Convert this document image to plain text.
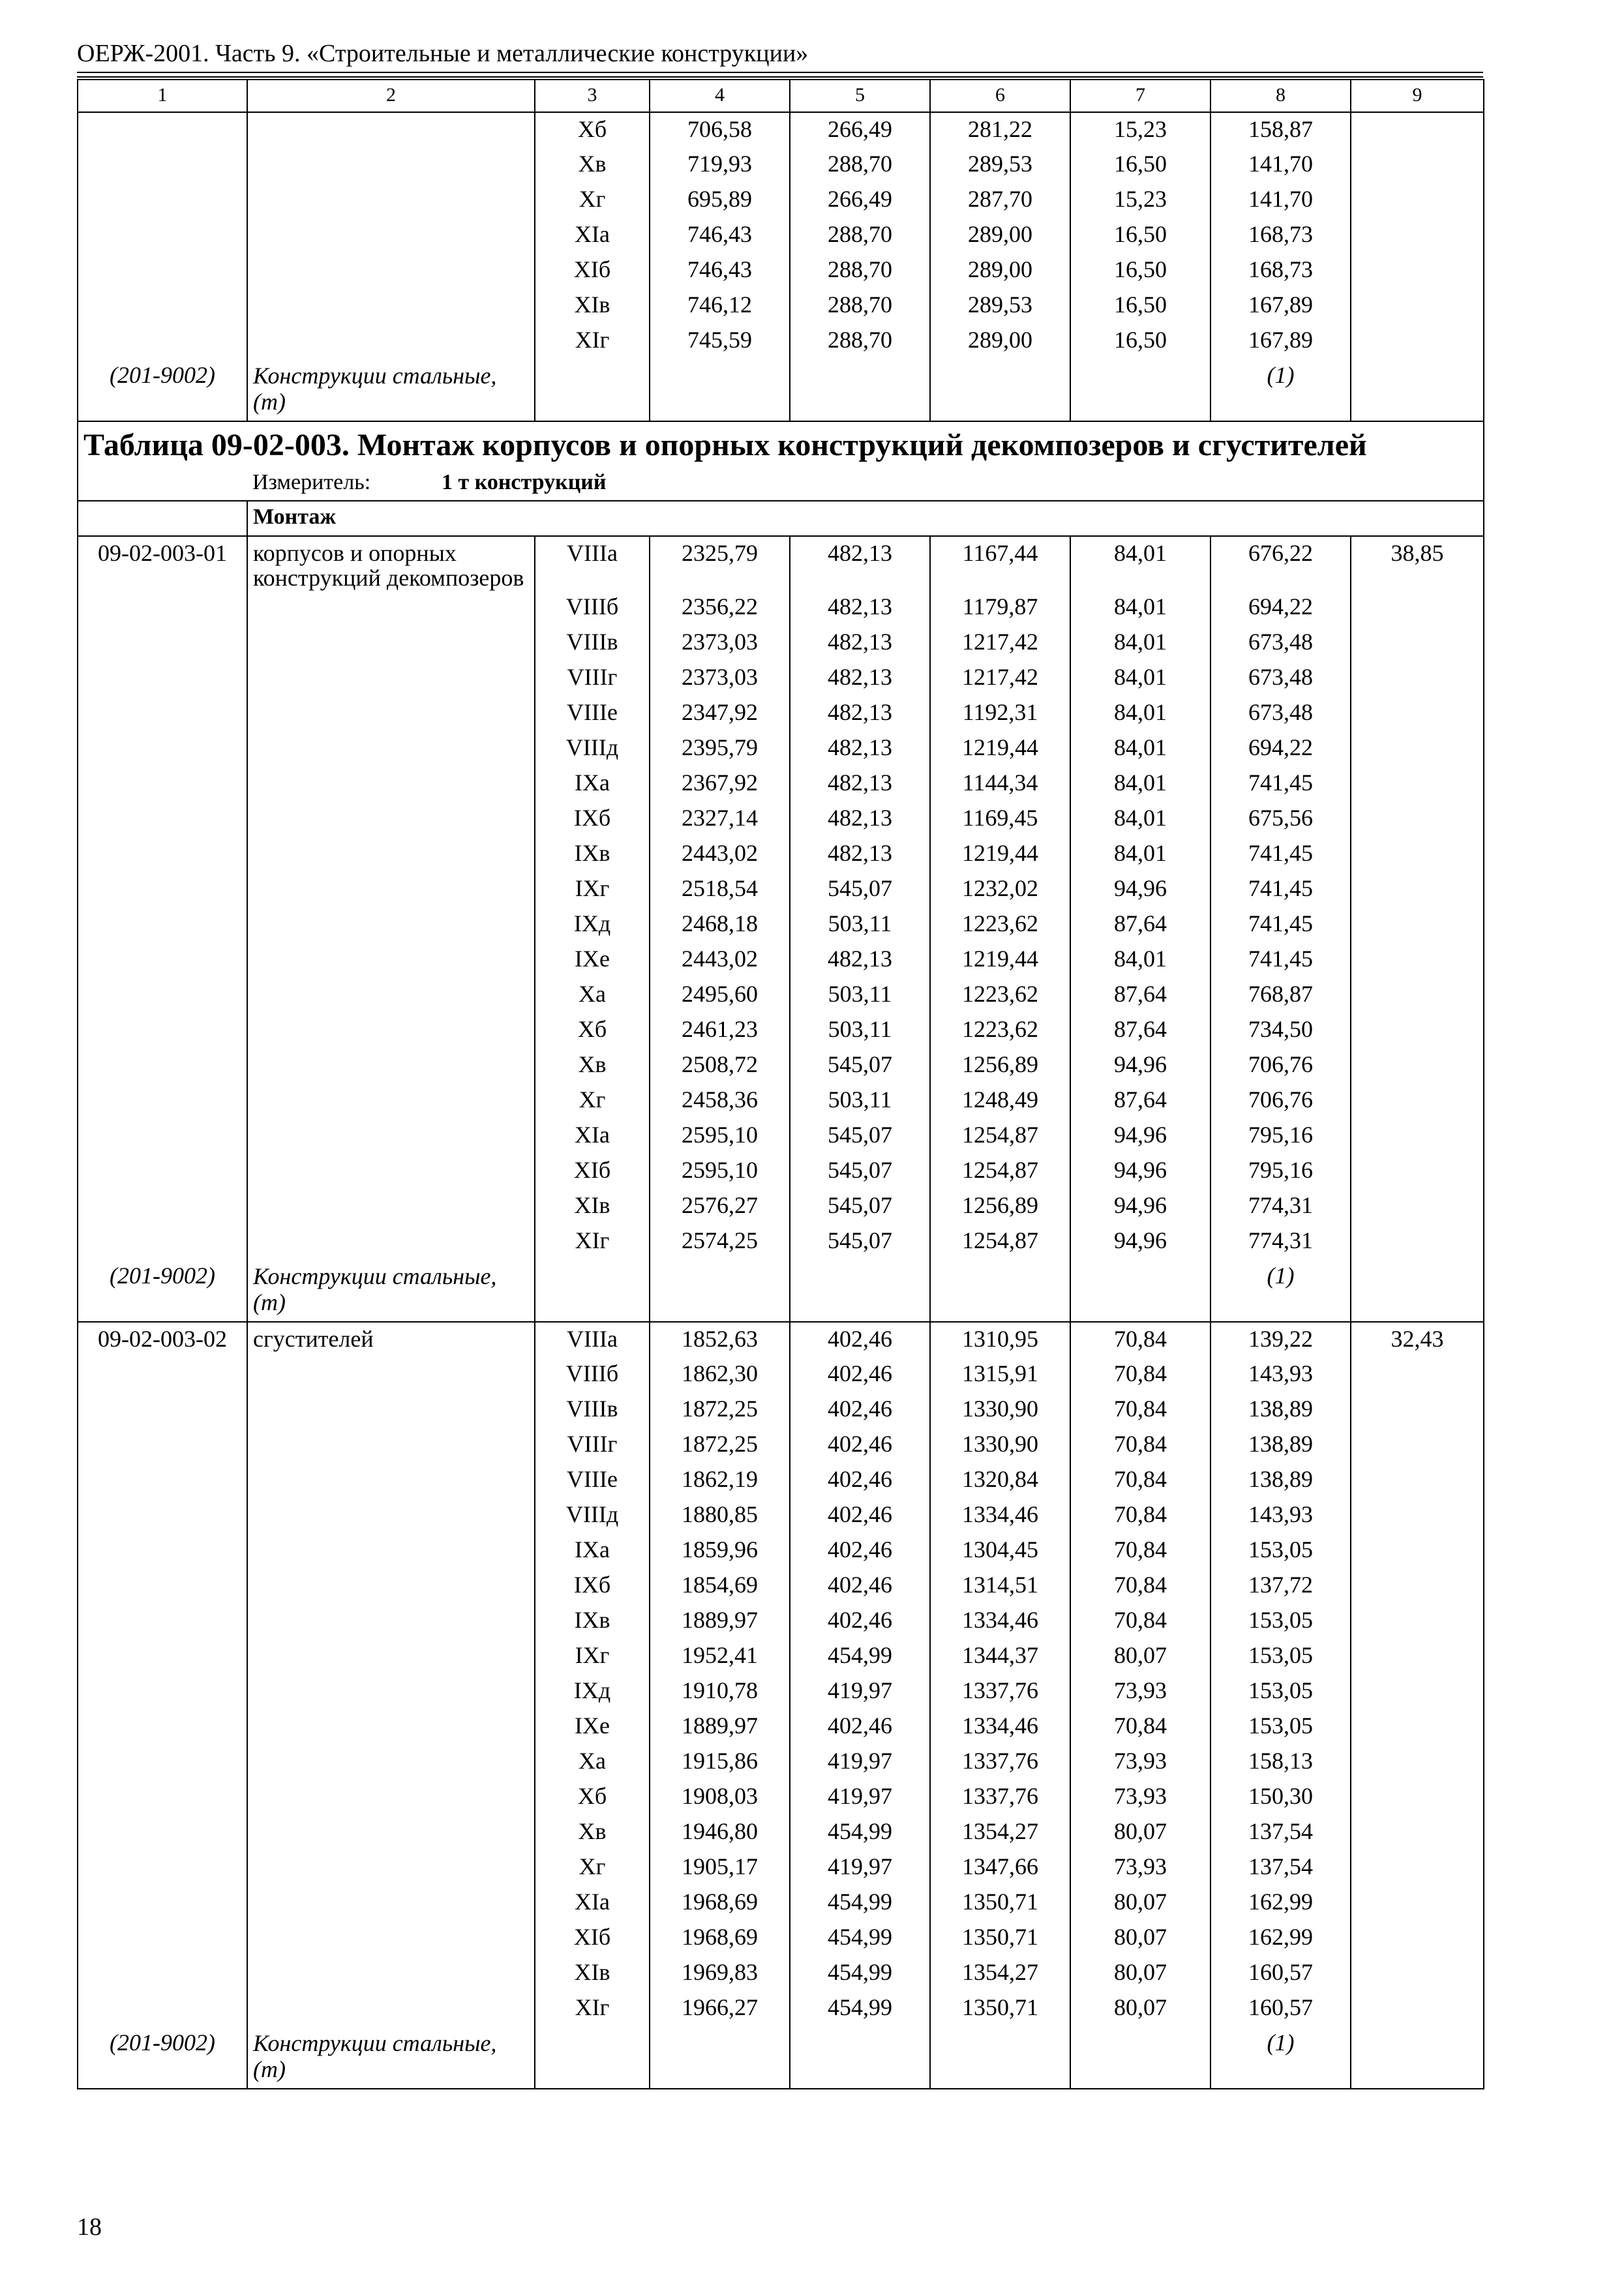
ОЕРЖ-2001. Часть 9. «Строительные и металлические конструкции»
1	2	3	4	5	6	7	8	9
		Хб	706,58	266,49	281,22	15,23	158,87	
		Хв	719,93	288,70	289,53	16,50	141,70	
		Хг	695,89	266,49	287,70	15,23	141,70	
		ХIа	746,43	288,70	289,00	16,50	168,73	
		ХIб	746,43	288,70	289,00	16,50	168,73	
		ХIв	746,12	288,70	289,53	16,50	167,89	
		ХIг	745,59	288,70	289,00	16,50	167,89	
(201-9002)	Конструкции стальные, (т)						(1)	
Таблица 09-02-003. Монтаж корпусов и опорных конструкций декомпозеров и сгустителей								
	Измеритель: 1 т конструкций							
	Монтаж							
09-02-003-01	корпусов и опорных конструкций декомпозеров	VIIIа	2325,79	482,13	1167,44	84,01	676,22	38,85
		VIIIб	2356,22	482,13	1179,87	84,01	694,22	
		VIIIв	2373,03	482,13	1217,42	84,01	673,48	
		VIIIг	2373,03	482,13	1217,42	84,01	673,48	
		VIIIе	2347,92	482,13	1192,31	84,01	673,48	
		VIIIд	2395,79	482,13	1219,44	84,01	694,22	
		IХа	2367,92	482,13	1144,34	84,01	741,45	
		IХб	2327,14	482,13	1169,45	84,01	675,56	
		IХв	2443,02	482,13	1219,44	84,01	741,45	
		IХг	2518,54	545,07	1232,02	94,96	741,45	
		IХд	2468,18	503,11	1223,62	87,64	741,45	
		IХе	2443,02	482,13	1219,44	84,01	741,45	
		Ха	2495,60	503,11	1223,62	87,64	768,87	
		Хб	2461,23	503,11	1223,62	87,64	734,50	
		Хв	2508,72	545,07	1256,89	94,96	706,76	
		Хг	2458,36	503,11	1248,49	87,64	706,76	
		ХIа	2595,10	545,07	1254,87	94,96	795,16	
		ХIб	2595,10	545,07	1254,87	94,96	795,16	
		ХIв	2576,27	545,07	1256,89	94,96	774,31	
		ХIг	2574,25	545,07	1254,87	94,96	774,31	
(201-9002)	Конструкции стальные, (т)						(1)	
09-02-003-02	сгустителей	VIIIа	1852,63	402,46	1310,95	70,84	139,22	32,43
		VIIIб	1862,30	402,46	1315,91	70,84	143,93	
		VIIIв	1872,25	402,46	1330,90	70,84	138,89	
		VIIIг	1872,25	402,46	1330,90	70,84	138,89	
		VIIIе	1862,19	402,46	1320,84	70,84	138,89	
		VIIIд	1880,85	402,46	1334,46	70,84	143,93	
		IХа	1859,96	402,46	1304,45	70,84	153,05	
		IХб	1854,69	402,46	1314,51	70,84	137,72	
		IХв	1889,97	402,46	1334,46	70,84	153,05	
		IХг	1952,41	454,99	1344,37	80,07	153,05	
		IХд	1910,78	419,97	1337,76	73,93	153,05	
		IХе	1889,97	402,46	1334,46	70,84	153,05	
		Ха	1915,86	419,97	1337,76	73,93	158,13	
		Хб	1908,03	419,97	1337,76	73,93	150,30	
		Хв	1946,80	454,99	1354,27	80,07	137,54	
		Хг	1905,17	419,97	1347,66	73,93	137,54	
		ХIа	1968,69	454,99	1350,71	80,07	162,99	
		ХIб	1968,69	454,99	1350,71	80,07	162,99	
		ХIв	1969,83	454,99	1354,27	80,07	160,57	
		ХIг	1966,27	454,99	1350,71	80,07	160,57	
(201-9002)	Конструкции стальные, (т)						(1)	
18
